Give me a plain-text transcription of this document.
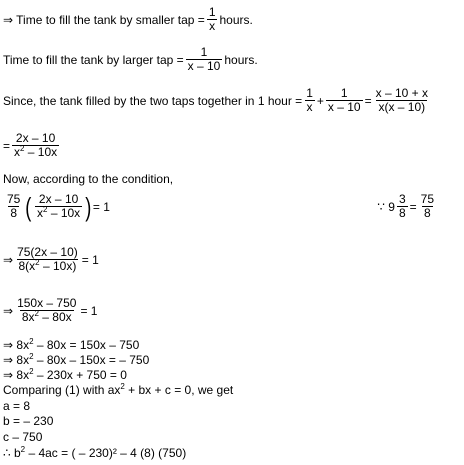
⇒ Time to fill the tank by smaller tap = $\frac{1}{x}$ hours.
Time to fill the tank by larger tap = $\frac{1}{x - 10}$ hours.
Since, the tank filled by the two taps together in 1 hour = $\frac{1}{x} + \frac{1}{x - 10} = \frac{x - 10 + x}{x(x - 10)}$
= $\frac{2x - 10}{x^2 - 10x}$
Now, according to the condition,
$\frac{75}{8}$ ( $\frac{2x - 10}{x^2 - 10x}$ ) = 1	∵ $9 \frac{3}{8} = \frac{75}{8}$
⇒ $\frac{75(2x - 10)}{8(x^2 - 10x)} = 1$
⇒ $\frac{150x - 750}{8x^2 - 80x} = 1$
⇒ $8x^2 - 80x = 150x - 750$
⇒ $8x^2 - 80x - 150x$ = – 750
⇒ $8x^2 - 230x + 750 = 0$
Comparing (1) with $ax^2$ + bx + c = 0, we get
a = 8
b = – 230
c – 750
∴ $b^2 - 4ac$ = ( – 230)² – 4 (8) (750)
